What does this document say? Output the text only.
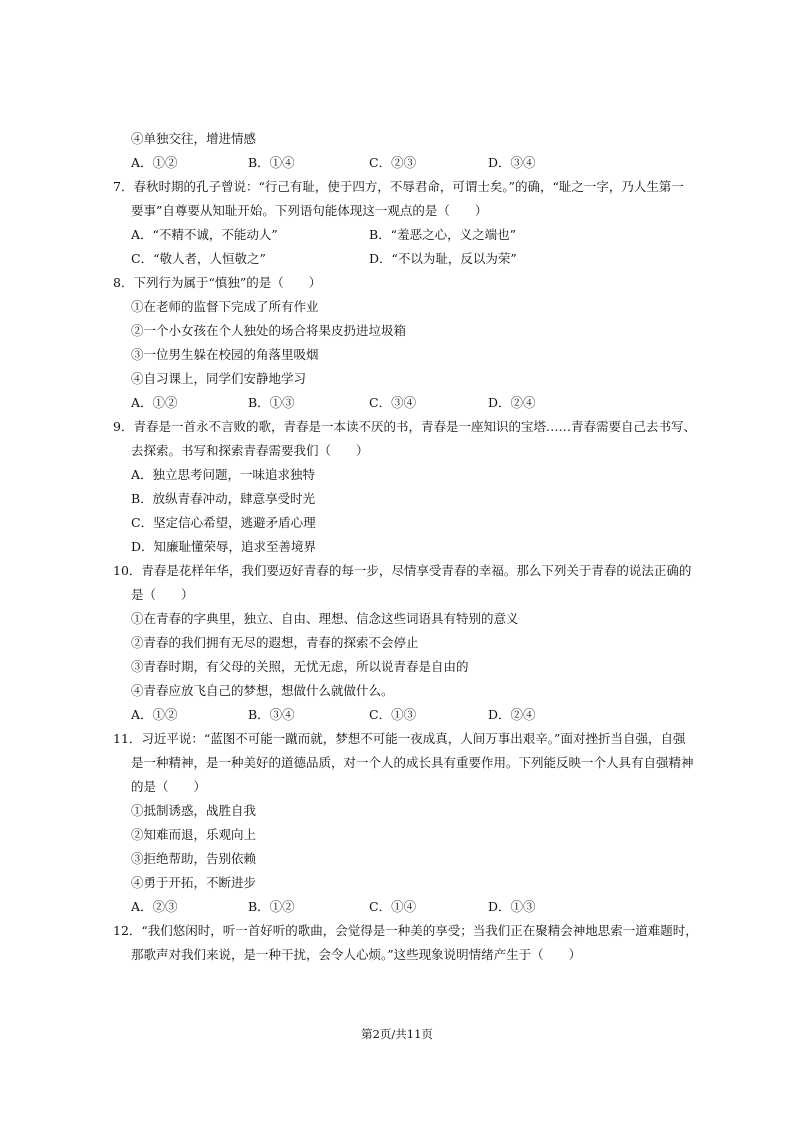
④单独交往，增进情感
A．①②	B．①④	C．②③	D．③④
7．春秋时期的孔子曾说：“行己有耻，使于四方，不辱君命，可谓士矣。”的确，“耻之一字，乃人生第一
要事”自尊要从知耻开始。下列语句能体现这一观点的是（　　）
A．“不精不诚，不能动人”	B．“羞恶之心，义之端也”
C．“敬人者，人恒敬之”	D．“不以为耻，反以为荣”
8．下列行为属于“慎独”的是（　　）
①在老师的监督下完成了所有作业
②一个小女孩在个人独处的场合将果皮扔进垃圾箱
③一位男生躲在校园的角落里吸烟
④自习课上，同学们安静地学习
A．①②	B．①③	C．③④	D．②④
9．青春是一首永不言败的歌，青春是一本读不厌的书，青春是一座知识的宝塔……青春需要自己去书写、
去探索。书写和探索青春需要我们（　　）
A．独立思考问题，一味追求独特
B．放纵青春冲动，肆意享受时光
C．坚定信心希望，逃避矛盾心理
D．知廉耻懂荣辱，追求至善境界
10．青春是花样年华，我们要迈好青春的每一步，尽情享受青春的幸福。那么下列关于青春的说法正确的
是（　　）
①在青春的字典里，独立、自由、理想、信念这些词语具有特别的意义
②青春的我们拥有无尽的遐想，青春的探索不会停止
③青春时期，有父母的关照，无忧无虑，所以说青春是自由的
④青春应放飞自己的梦想，想做什么就做什么。
A．①②	B．③④	C．①③	D．②④
11．习近平说：“蓝图不可能一蹴而就，梦想不可能一夜成真，人间万事出艰辛。”面对挫折当自强，自强
是一种精神，是一种美好的道德品质，对一个人的成长具有重要作用。下列能反映一个人具有自强精神
的是（　　）
①抵制诱惑，战胜自我
②知难而退，乐观向上
③拒绝帮助，告别依赖
④勇于开拓，不断进步
A．②③	B．①②	C．①④	D．①③
12．“我们悠闲时，听一首好听的歌曲，会觉得是一种美的享受；当我们正在聚精会神地思索一道难题时，
那歌声对我们来说，是一种干扰，会令人心烦。”这些现象说明情绪产生于（　　）
第2页/共11页
